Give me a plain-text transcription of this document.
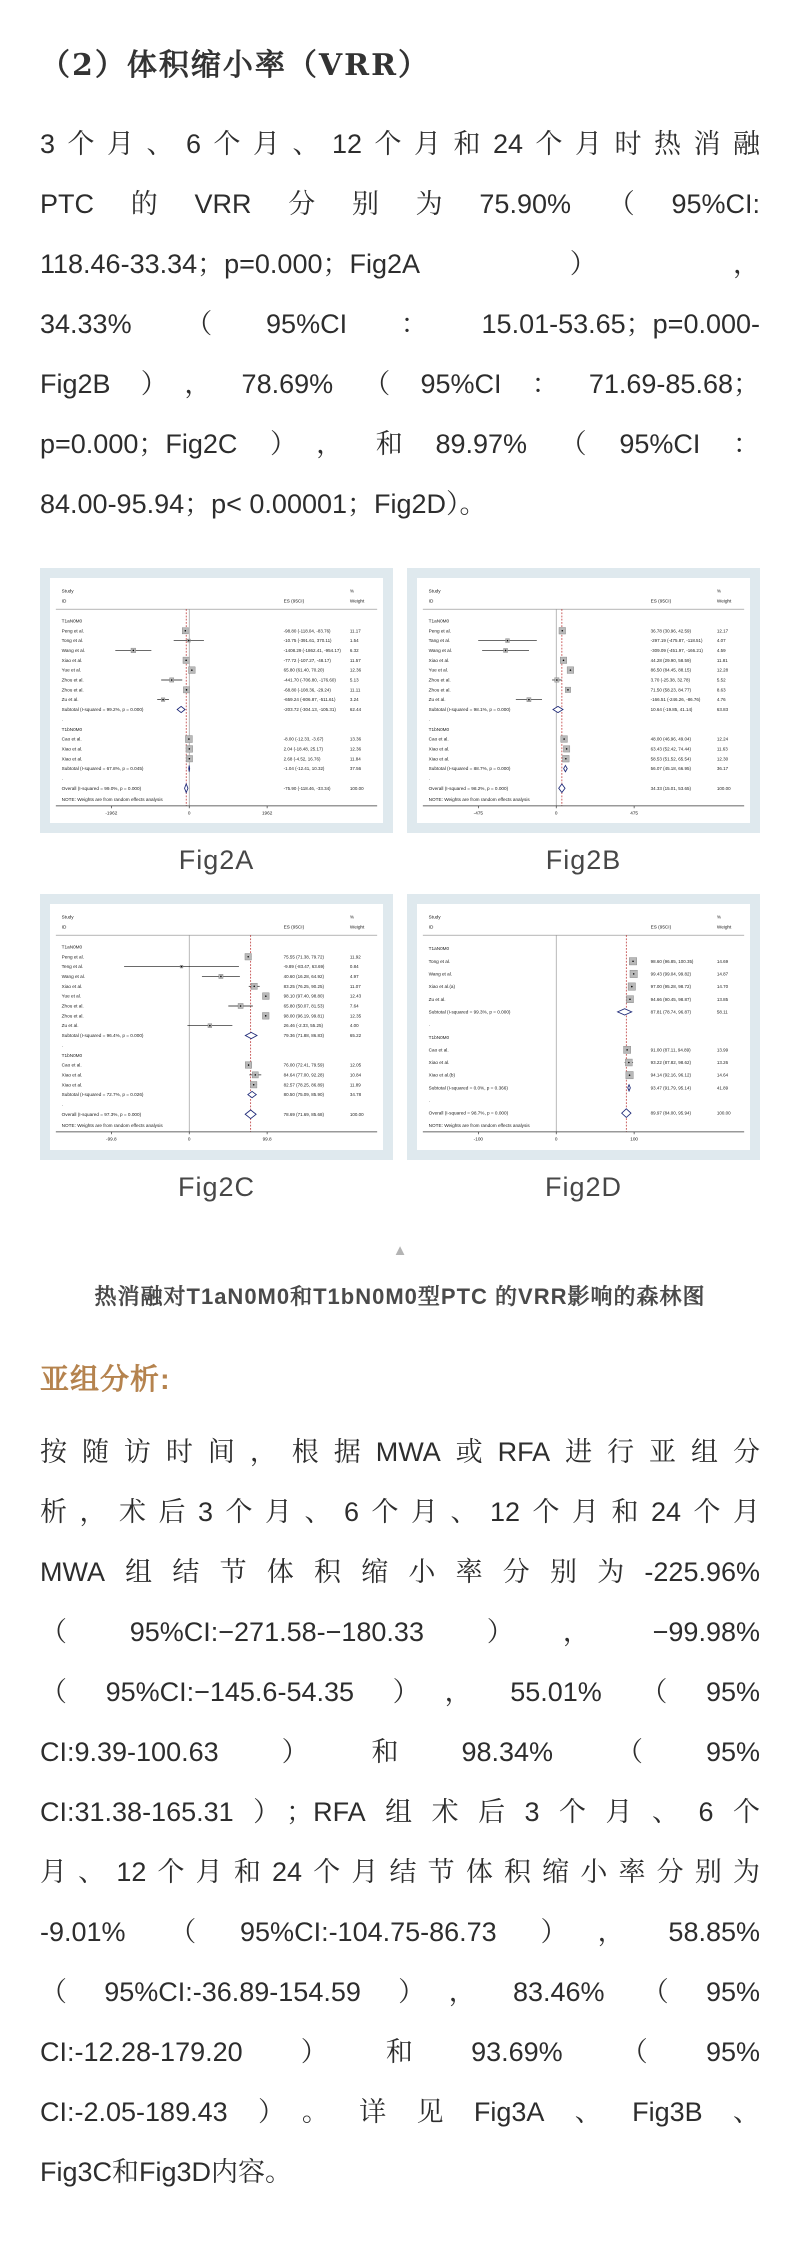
（2）体积缩小率（VRR）
3个月、6个月、12个月和24个月时热消融
PTC的VRR分别为75.90%（95%CI:
118.46-33.34；p=0.000；Fig2A），
34.33%（95%CI：15.01-53.65；p=0.000-
Fig2B），78.69%（95%CI：71.69-85.68；
p=0.000；Fig2C），和89.97%（95%CI：
84.00-95.94；p< 0.00001；Fig2D）。
Study
ID	ES (95CI)
%
Weight
T1aN0M0
Peng et al.	-98.80 (-118.04, -83.76)	11.17
Tong et al.	-10.75 (-391.61, 370.11)	1.54
Wang et al.	-1408.29 (-1862.41, -954.17) 6.32
Xiao et al.	-77.72 (-107.27, -48.17)	11.57
Yue et al.	65.80 (61.40, 70.20)	12.36
Zhou et al.	-441.70 (-706.80, -176.60)	5.13
Zhou et al.	-68.80 (-108.36, -29.24)	11.11
Zu et al.	-659.24 (-806.87, -511.61)	3.24
Subtotal (I-squared = 99.2%, p = 0.000)	-203.72 (-304.13, -105.31)	62.44
.
T1bN0M0
Cao et al.	-8.00 (-12.33, -3.67)	13.36
Xiao et al.	2.04 (-18.48, 25.17)	12.36
Xiao et al.	2.68 (-4.52, 16.76)	11.84
Subtotal (I-squared = 67.8%, p = 0.045)	-1.04 (-12.41, 10.32)	37.56
.
Overall (I-squared = 99.0%, p = 0.000)	-75.90 (-118.46, -33.34)	100.00
NOTE: Weights are from random effects analysis
-1962	0	1962
Fig2A
Study
ID	ES (95CI)
%
Weight
T1aN0M0
Peng et al.	36.78 (30.96, 42.59)	12.17
Tang et al.	-297.19 (-475.87, -118.51)	4.07
Wang et al.	-309.09 (-451.97, -166.21)	4.59
Xiao et al.	44.28 (29.90, 58.59)	11.81
Yue et al.	86.50 (84.45, 88.15)	12.28
Zhou et al.	3.70 (-25.38, 32.78)	5.52
Zhou et al.	71.50 (58.23, 84.77)	8.63
Zu et al.	-166.51 (-246.26, -86.76)	4.76
Subtotal (I-squared = 98.1%, p = 0.000)	10.64 (-19.85, 41.14)	63.83
.
T1bN0M0
Cao et al.	48.00 (46.96, 49.04)	12.24
Xiao et al.	63.43 (52.42, 74.44)	11.63
Xiao et al.	58.53 (51.52, 65.54)	12.30
Subtotal (I-squared = 88.7%, p = 0.000)	56.07 (45.18, 66.95)	36.17
.
Overall (I-squared = 98.2%, p = 0.000)	34.33 (15.01, 53.65)	100.00
NOTE: Weights are from random effects analysis
-475	0	475
Fig2B
Study
ID	ES (95CI)
%
Weight
T1aN0M0
Peng et al.	75.55 (71.38, 79.72)	11.92
Teng et al.	-9.89 (-83.47, 63.69)	0.84
Wang et al.	40.60 (16.28, 64.92)	4.97
Xiao et al.	83.25 (76.25, 90.25)	11.07
Yue et al.	98.10 (97.40, 98.80)	12.43
Zhou et al.	65.80 (50.07, 81.53)	7.64
Zhou et al.	98.00 (96.19, 99.81)	12.35
Zu et al.	26.46 (-2.33, 55.25)	4.00
Subtotal (I-squared = 96.4%, p = 0.000)	79.36 (71.88, 86.83)	65.22
.
T1bN0M0
Cao et al.	76.00 (72.41, 79.59)	12.05
Xiao et al.	84.64 (77.00, 92.28)	10.84
Xiao et al.	82.57 (78.25, 86.89)	11.89
Subtotal (I-squared = 72.7%, p = 0.026)	80.50 (75.09, 85.90)	34.78
.
Overall (I-squared = 97.3%, p = 0.000)	78.69 (71.69, 85.68)	100.00
NOTE: Weights are from random effects analysis
-99.8	0	99.8
Fig2C
Study
ID	ES (95CI)
%
Weight
T1aN0M0
Tong et al.	98.60 (96.85, 100.35)	14.69
Wang et al.	99.43 (99.04, 99.82)	14.87
Xiao et al.(a)	97.00 (95.28, 98.72)	14.70
Zu et al.	94.66 (90.45, 98.87)	13.85
Subtotal (I-squared = 99.3%, p = 0.000)	87.81 (78.74, 96.87)	58.11
.
T1bN0M0
Cao et al.	91.00 (87.11, 94.89)	13.99
Xiao et al.	93.22 (87.82, 98.62)	13.26
Xiao et al.(b)	94.14 (92.16, 96.12)	14.64
Subtotal (I-squared = 0.0%, p = 0.366)	93.47 (91.79, 95.14)	41.89
.
Overall (I-squared = 98.7%, p = 0.000)	89.97 (84.00, 95.94)	100.00
NOTE: Weights are from random effects analysis
-100	0	100
Fig2D
▲
热消融对T1aN0M0和T1bN0M0型PTC 的VRR影响的森林图
亚组分析:
按随访时间，根据MWA或RFA进行亚组分
析，术后3个月、6个月、12个月和24个月
MWA组结节体积缩小率分别为-225.96%
（95%CI:−271.58-−180.33），−99.98%
（95%CI:−145.6-54.35），55.01%（95%
CI:9.39-100.63）和98.34%（95%
CI:31.38-165.31）；RFA组术后3个月、6个
月、12个月和24个月结节体积缩小率分别为
-9.01%（95%CI:-104.75-86.73），58.85%
（95%CI:-36.89-154.59），83.46%（95%
CI:-12.28-179.20）和93.69%（95%
CI:-2.05-189.43）。详见Fig3A、Fig3B、
Fig3C和Fig3D内容。
